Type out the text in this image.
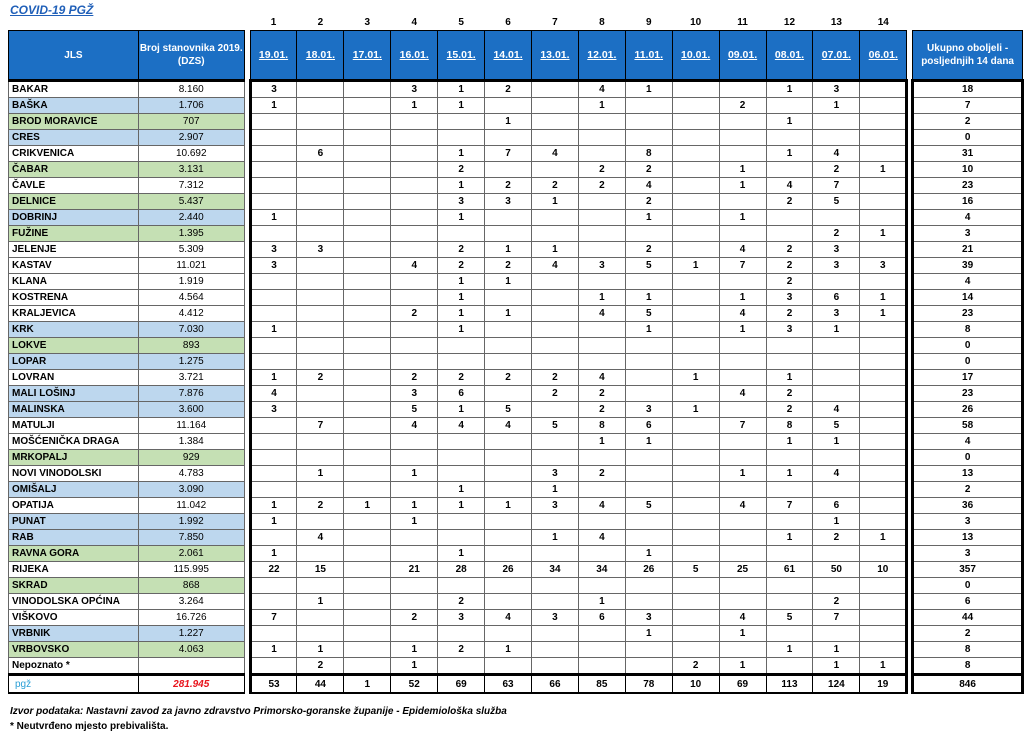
COVID-19 PGŽ
			1	2	3	4	5	6	7	8	9	10	11	12	13	14		
JLS	Broj stanovnika 2019. (DZS)		19.01.	18.01.	17.01.	16.01.	15.01.	14.01.	13.01.	12.01.	11.01.	10.01.	09.01.	08.01.	07.01.	06.01.		Ukupno oboljeli - posljednjih 14 dana
BAKAR	8.160		3			3	1	2		4	1			1	3			18
BAŠKA	1.706		1			1	1			1			2		1			7
BROD MORAVICE	707							1						1				2
CRES	2.907																	0
CRIKVENICA	10.692			6			1	7	4		8			1	4			31
ČABAR	3.131						2			2	2		1		2	1		10
ČAVLE	7.312						1	2	2	2	4		1	4	7			23
DELNICE	5.437						3	3	1		2			2	5			16
DOBRINJ	2.440		1				1				1		1					4
FUŽINE	1.395														2	1		3
JELENJE	5.309		3	3			2	1	1		2		4	2	3			21
KASTAV	11.021		3			4	2	2	4	3	5	1	7	2	3	3		39
KLANA	1.919						1	1						2				4
KOSTRENA	4.564						1			1	1		1	3	6	1		14
KRALJEVICA	4.412					2	1	1		4	5		4	2	3	1		23
KRK	7.030		1				1				1		1	3	1			8
LOKVE	893																	0
LOPAR	1.275																	0
LOVRAN	3.721		1	2		2	2	2	2	4		1		1				17
MALI LOŠINJ	7.876		4			3	6		2	2			4	2				23
MALINSKA	3.600		3			5	1	5		2	3	1		2	4			26
MATULJI	11.164			7		4	4	4	5	8	6		7	8	5			58
MOŠĆENIČKA DRAGA	1.384									1	1			1	1			4
MRKOPALJ	929																	0
NOVI VINODOLSKI	4.783			1		1			3	2			1	1	4			13
OMIŠALJ	3.090						1		1									2
OPATIJA	11.042		1	2	1	1	1	1	3	4	5		4	7	6			36
PUNAT	1.992		1			1									1			3
RAB	7.850			4					1	4				1	2	1		13
RAVNA GORA	2.061		1				1				1							3
RIJEKA	115.995		22	15		21	28	26	34	34	26	5	25	61	50	10		357
SKRAD	868																	0
VINODOLSKA OPĆINA	3.264			1			2			1					2			6
VIŠKOVO	16.726		7			2	3	4	3	6	3		4	5	7			44
VRBNIK	1.227										1		1					2
VRBOVSKO	4.063		1	1		1	2	1						1	1			8
Nepoznato *				2		1						2	1		1	1		8
pgž	281.945		53	44	1	52	69	63	66	85	78	10	69	113	124	19		846
Izvor podataka: Nastavni zavod za javno zdravstvo Primorsko-goranske županije - Epidemiološka služba
* Neutvrđeno mjesto prebivališta.
